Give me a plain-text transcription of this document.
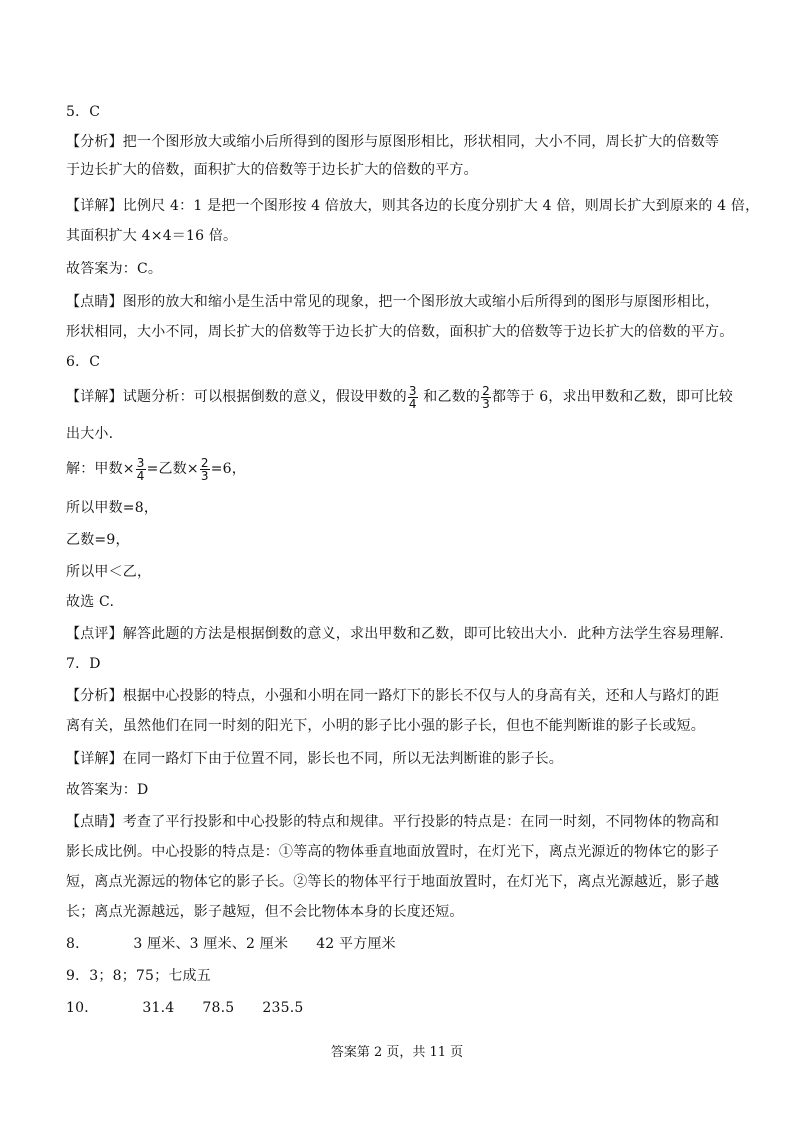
5．C
【分析】把一个图形放大或缩小后所得到的图形与原图形相比，形状相同，大小不同，周长扩大的倍数等
于边长扩大的倍数，面积扩大的倍数等于边长扩大的倍数的平方。
【详解】比例尺 4：1 是把一个图形按 4 倍放大，则其各边的长度分别扩大 4 倍，则周长扩大到原来的 4 倍，
其面积扩大 4×4＝16 倍。
故答案为：C。
【点睛】图形的放大和缩小是生活中常见的现象，把一个图形放大或缩小后所得到的图形与原图形相比，
形状相同，大小不同，周长扩大的倍数等于边长扩大的倍数，面积扩大的倍数等于边长扩大的倍数的平方。
6．C
【详解】试题分析：可以根据倒数的意义，假设甲数的 $\frac{3}{4}$ 和乙数的 $\frac{2}{3}$ 都等于 6，求出甲数和乙数，即可比较
出大小.
解：甲数× $\frac{3}{4}$ =乙数× $\frac{2}{3} =6$，
所以甲数=8，
乙数=9，
所以甲＜乙，
故选 C.
【点评】解答此题的方法是根据倒数的意义，求出甲数和乙数，即可比较出大小．此种方法学生容易理解.
7．D
【分析】根据中心投影的特点，小强和小明在同一路灯下的影长不仅与人的身高有关，还和人与路灯的距
离有关，虽然他们在同一时刻的阳光下，小明的影子比小强的影子长，但也不能判断谁的影子长或短。
【详解】在同一路灯下由于位置不同，影长也不同，所以无法判断谁的影子长。
故答案为：D
【点睛】考查了平行投影和中心投影的特点和规律。平行投影的特点是：在同一时刻，不同物体的物高和
影长成比例。中心投影的特点是：①等高的物体垂直地面放置时，在灯光下，离点光源近的物体它的影子
短，离点光源远的物体它的影子长。②等长的物体平行于地面放置时，在灯光下，离点光源越近，影子越
长；离点光源越远，影子越短，但不会比物体本身的长度还短。
8．	3 厘米、3 厘米、2 厘米 42 平方厘米
9．3；8；75；七成五
10．	31.4 78.5 235.5
答案第 2 页，共 11 页
